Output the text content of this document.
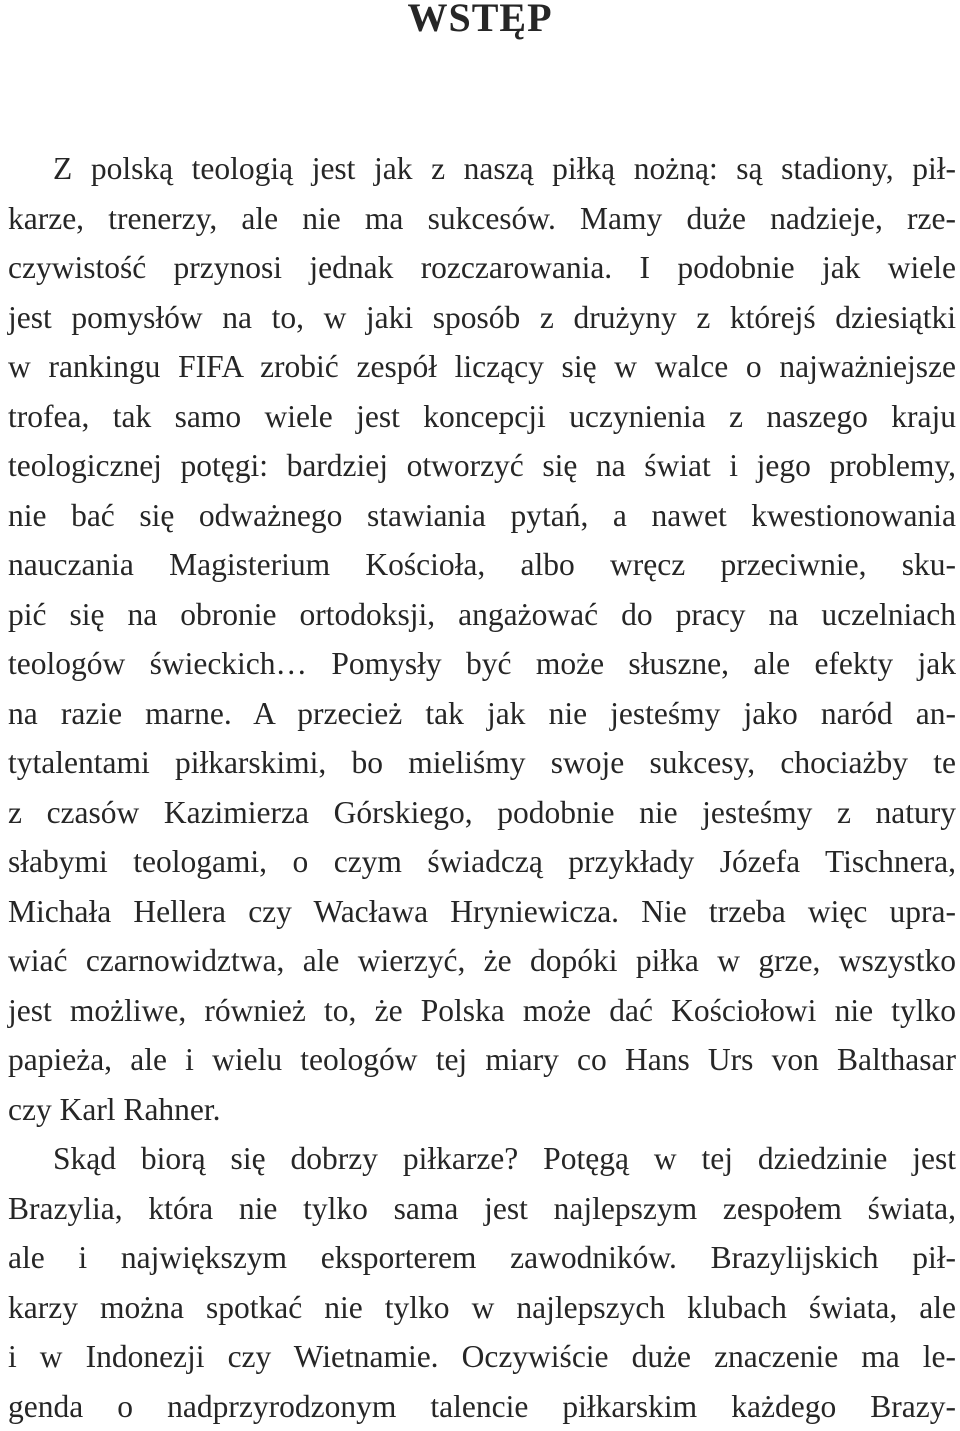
WSTĘP
Z polską teologią jest jak z naszą piłką nożną: są stadiony, pił-
karze, trenerzy, ale nie ma sukcesów. Mamy duże nadzieje, rze-
czywistość przynosi jednak rozczarowania. I podobnie jak wiele
jest pomysłów na to, w jaki sposób z drużyny z którejś dziesiątki
w rankingu FIFA zrobić zespół liczący się w walce o najważniejsze
trofea, tak samo wiele jest koncepcji uczynienia z naszego kraju
teologicznej potęgi: bardziej otworzyć się na świat i jego problemy,
nie bać się odważnego stawiania pytań, a nawet kwestionowania
nauczania Magisterium Kościoła, albo wręcz przeciwnie, sku-
pić się na obronie ortodoksji, angażować do pracy na uczelniach
teologów świeckich… Pomysły być może słuszne, ale efekty jak
na razie marne. A przecież tak jak nie jesteśmy jako naród an-
tytalentami piłkarskimi, bo mieliśmy swoje sukcesy, chociażby te
z czasów Kazimierza Górskiego, podobnie nie jesteśmy z natury
słabymi teologami, o czym świadczą przykłady Józefa Tischnera,
Michała Hellera czy Wacława Hryniewicza. Nie trzeba więc upra-
wiać czarnowidztwa, ale wierzyć, że dopóki piłka w grze, wszystko
jest możliwe, również to, że Polska może dać Kościołowi nie tylko
papieża, ale i wielu teologów tej miary co Hans Urs von Balthasar
czy Karl Rahner.
Skąd biorą się dobrzy piłkarze? Potęgą w tej dziedzinie jest
Brazylia, która nie tylko sama jest najlepszym zespołem świata,
ale i największym eksporterem zawodników. Brazylijskich pił-
karzy można spotkać nie tylko w najlepszych klubach świata, ale
i w Indonezji czy Wietnamie. Oczywiście duże znaczenie ma le-
genda o nadprzyrodzonym talencie piłkarskim każdego Brazy-
